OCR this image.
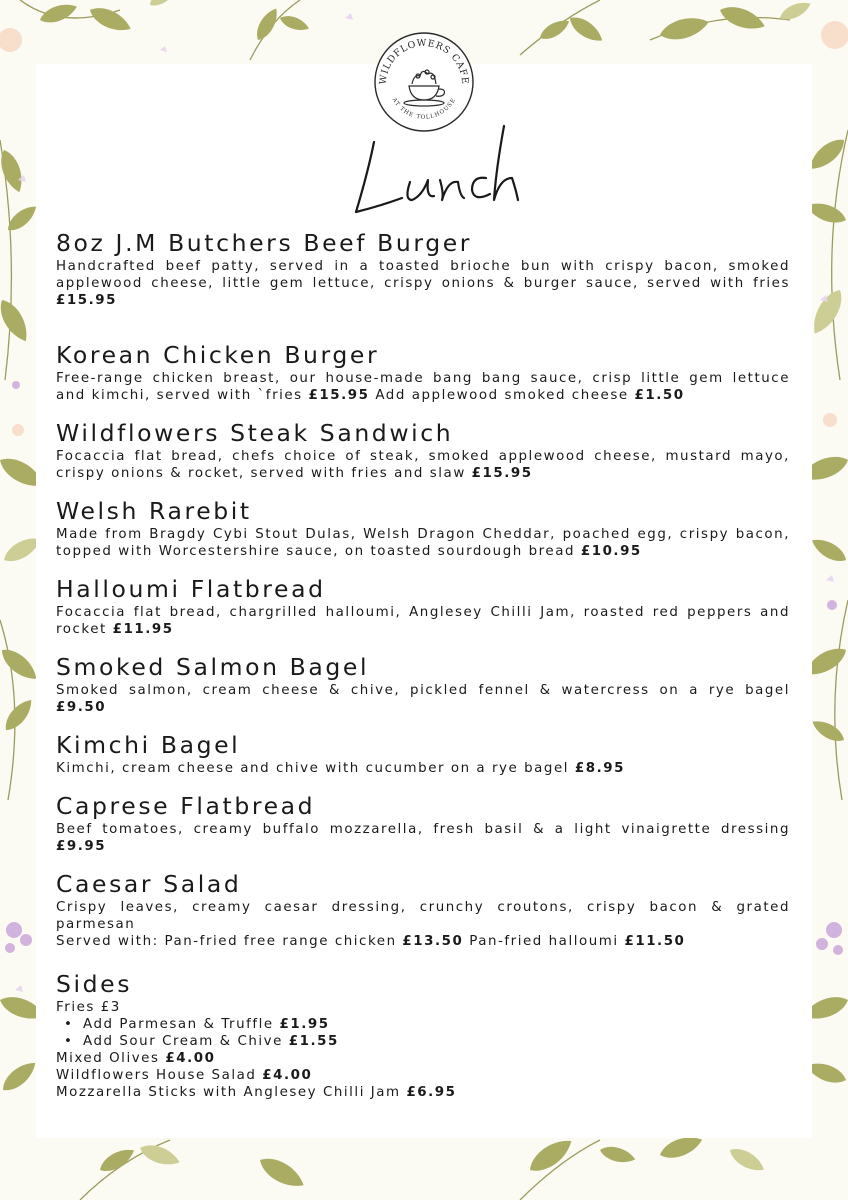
WILDFLOWERS CAFE
AT THE TOLLHOUSE
8oz J.M Butchers Beef Burger

Handcrafted beef patty, served in a toasted brioche bun with crispy bacon, smoked applewood cheese, little gem lettuce, crispy onions & burger sauce, served with fries £15.95

Korean Chicken Burger

Free-range chicken breast, our house-made bang bang sauce, crisp little gem lettuce and kimchi, served with `fries £15.95 Add applewood smoked cheese £1.50

Wildflowers Steak Sandwich

Focaccia flat bread, chefs choice of steak, smoked applewood cheese, mustard mayo, crispy onions & rocket, served with fries and slaw £15.95

Welsh Rarebit

Made from Bragdy Cybi Stout Dulas, Welsh Dragon Cheddar, poached egg, crispy bacon, topped with Worcestershire sauce, on toasted sourdough bread £10.95

Halloumi Flatbread

Focaccia flat bread, chargrilled halloumi, Anglesey Chilli Jam, roasted red peppers and rocket £11.95

Smoked Salmon Bagel

Smoked salmon, cream cheese & chive, pickled fennel & watercress on a rye bagel £9.50

Kimchi Bagel

Kimchi, cream cheese and chive with cucumber on a rye bagel £8.95

Caprese Flatbread

Beef tomatoes, creamy buffalo mozzarella, fresh basil & a light vinaigrette dressing £9.95

Caesar Salad

Crispy leaves, creamy caesar dressing, crunchy croutons, crispy bacon & grated parmesan

Served with: Pan-fried free range chicken £13.50 Pan-fried halloumi £11.50

Sides

Fries £3

• Add Parmesan & Truffle £1.95

• Add Sour Cream & Chive £1.55

Mixed Olives £4.00

Wildflowers House Salad £4.00

Mozzarella Sticks with Anglesey Chilli Jam £6.95
